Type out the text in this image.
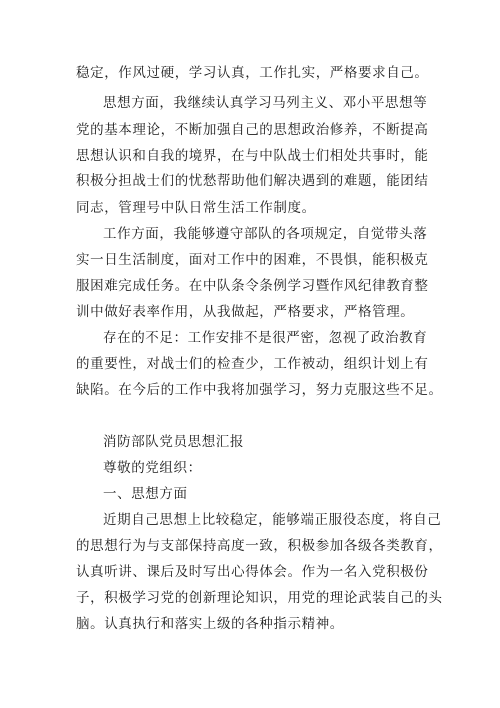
稳定，作风过硬，学习认真，工作扎实，严格要求自己。
思想方面，我继续认真学习马列主义、邓小平思想等
党的基本理论，不断加强自己的思想政治修养，不断提高
思想认识和自我的境界，在与中队战士们相处共事时，能
积极分担战士们的忧愁帮助他们解决遇到的难题，能团结
同志，管理号中队日常生活工作制度。
工作方面，我能够遵守部队的各项规定，自觉带头落
实一日生活制度，面对工作中的困难，不畏惧，能积极克
服困难完成任务。在中队条令条例学习暨作风纪律教育整
训中做好表率作用，从我做起，严格要求，严格管理。
存在的不足：工作安排不是很严密，忽视了政治教育
的重要性，对战士们的检查少，工作被动，组织计划上有
缺陷。在今后的工作中我将加强学习，努力克服这些不足。
消防部队党员思想汇报
尊敬的党组织：
一、思想方面
近期自己思想上比较稳定，能够端正服役态度，将自己
的思想行为与支部保持高度一致，积极参加各级各类教育，
认真听讲、课后及时写出心得体会。作为一名入党积极份
子，积极学习党的创新理论知识，用党的理论武装自己的头
脑。认真执行和落实上级的各种指示精神。
